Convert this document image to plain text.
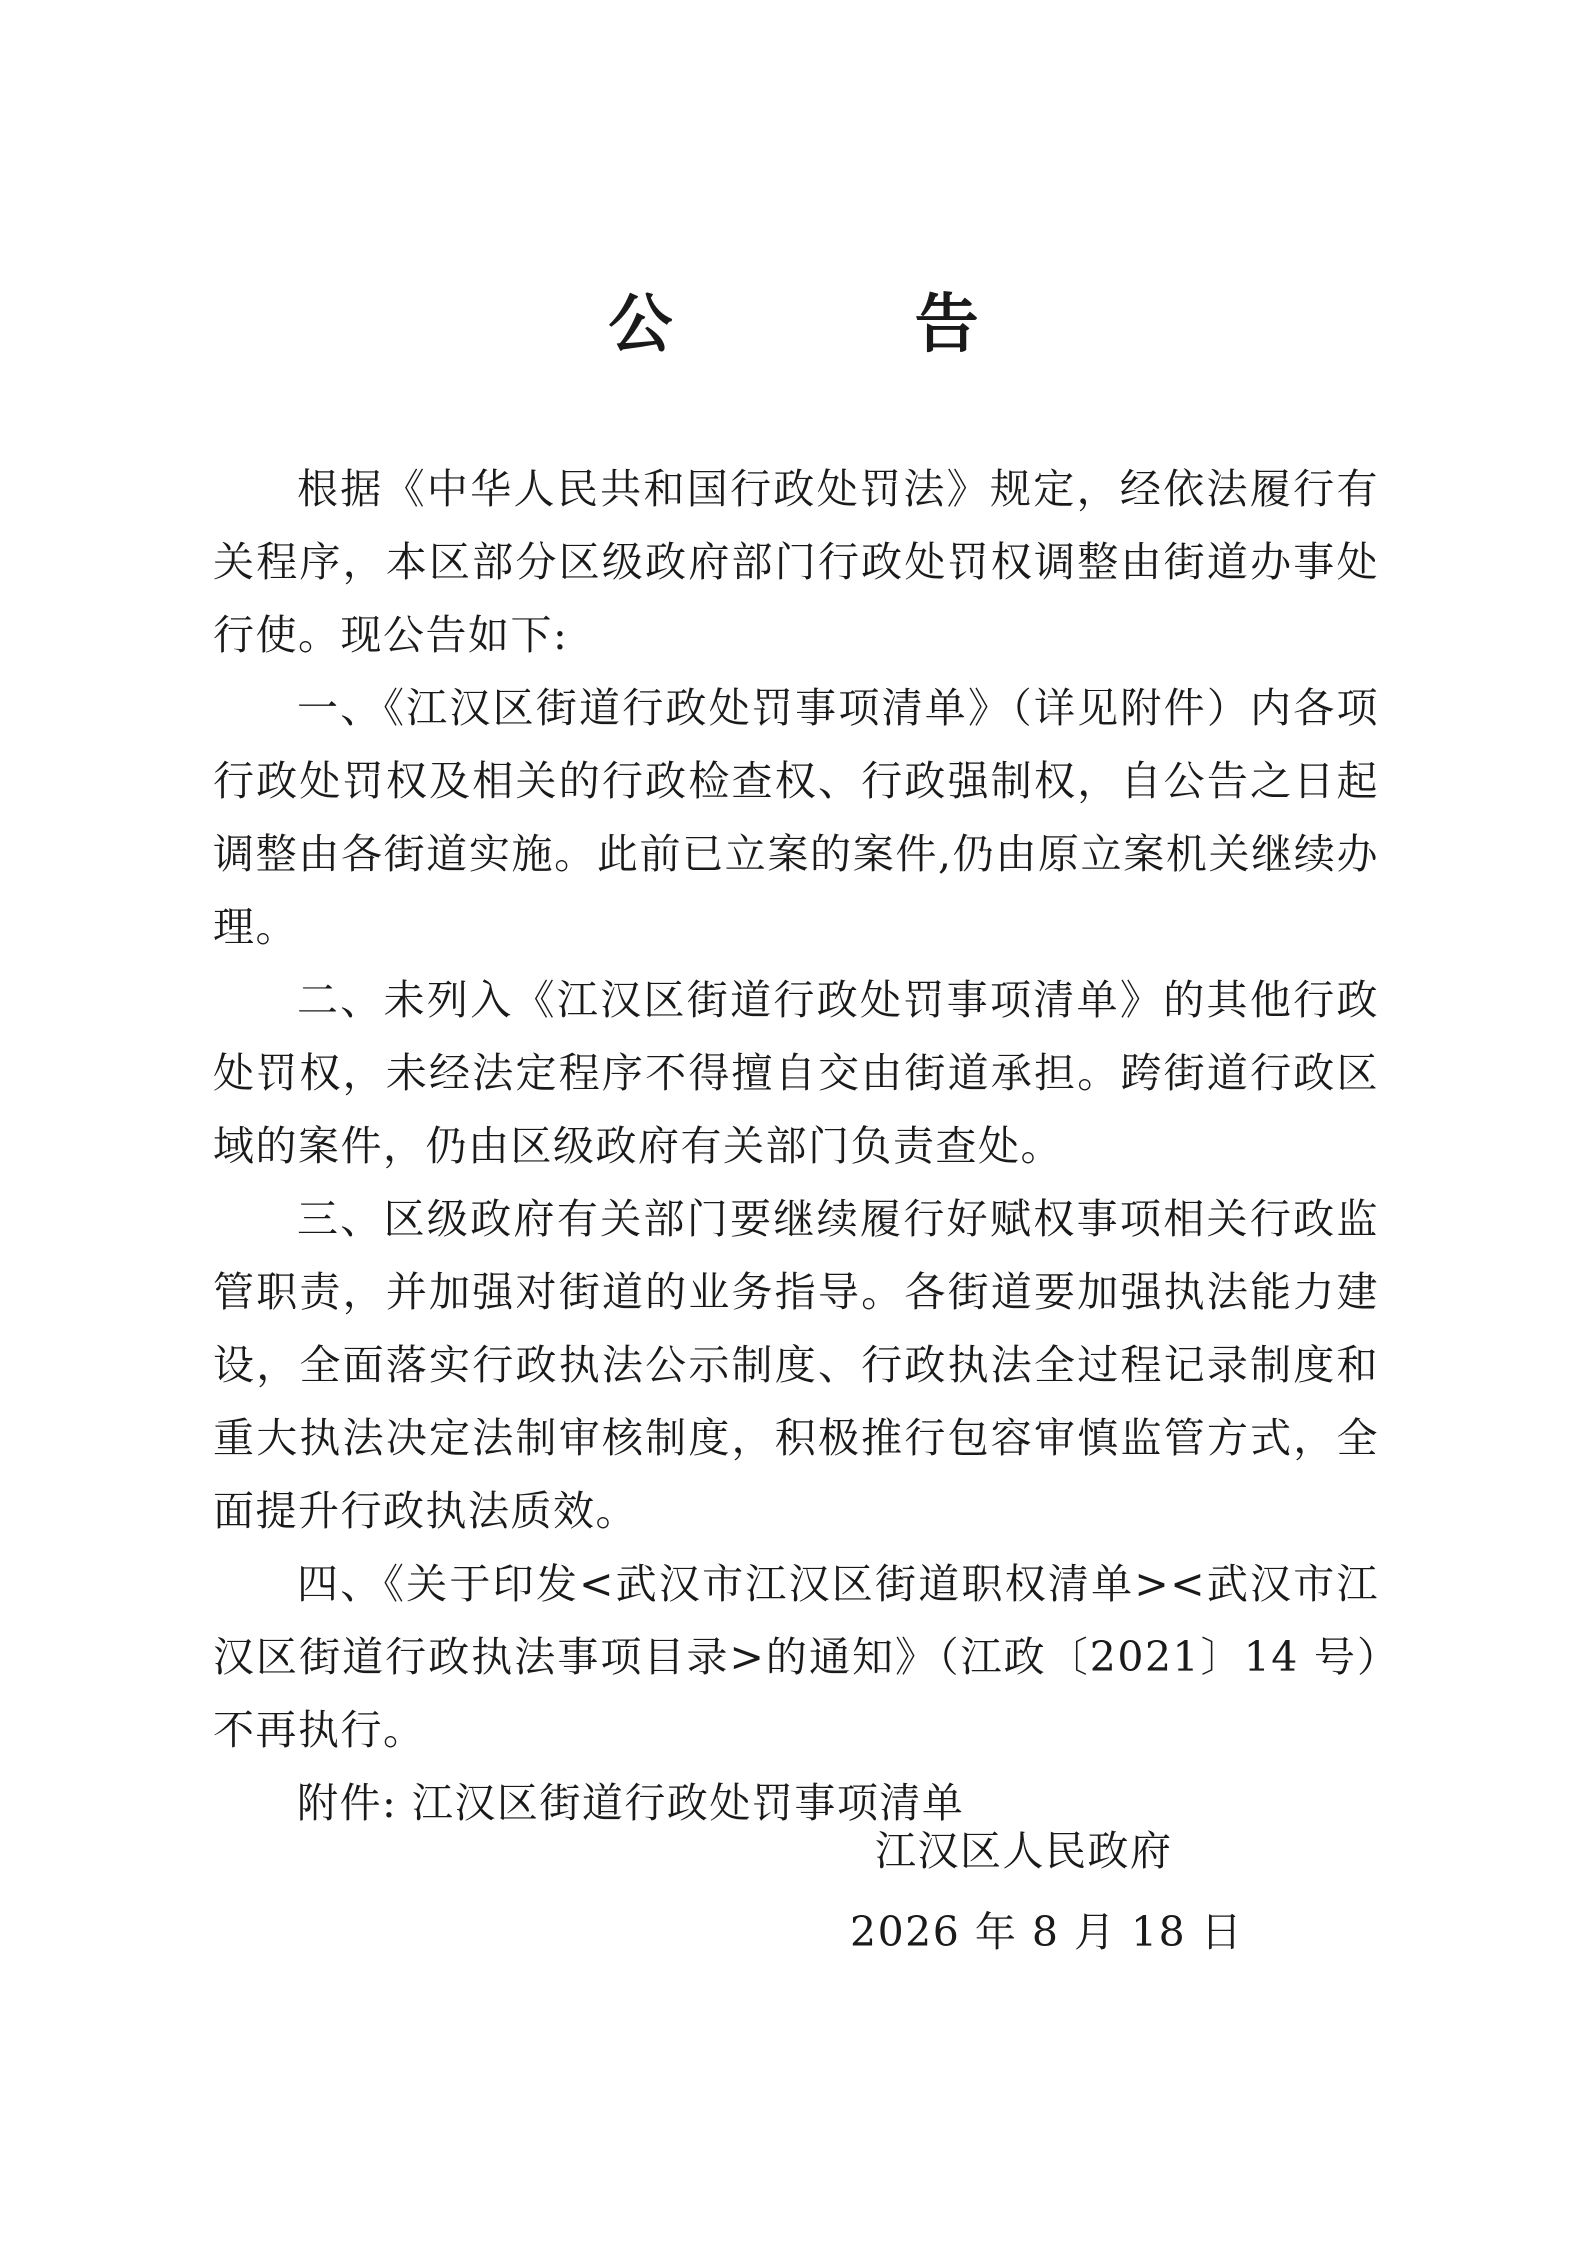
公 告

根据《中华人民共和国行政处罚法》规定，经依法履行有关程序，本区部分区级政府部门行政处罚权调整由街道办事处行使。现公告如下:

一、《江汉区街道行政处罚事项清单》（详见附件）内各项行政处罚权及相关的行政检查权、行政强制权，自公告之日起调整由各街道实施。此前已立案的案件,仍由原立案机关继续办理。

二、未列入《江汉区街道行政处罚事项清单》的其他行政处罚权，未经法定程序不得擅自交由街道承担。跨街道行政区域的案件，仍由区级政府有关部门负责查处。

三、区级政府有关部门要继续履行好赋权事项相关行政监管职责，并加强对街道的业务指导。各街道要加强执法能力建设，全面落实行政执法公示制度、行政执法全过程记录制度和重大执法决定法制审核制度，积极推行包容审慎监管方式，全面提升行政执法质效。

四、《关于印发<武汉市江汉区街道职权清单><武汉市江汉区街道行政执法事项目录>的通知》（江政〔2021〕14 号）不再执行。

附件: 江汉区街道行政处罚事项清单

江汉区人民政府
2026 年 8 月 18 日
